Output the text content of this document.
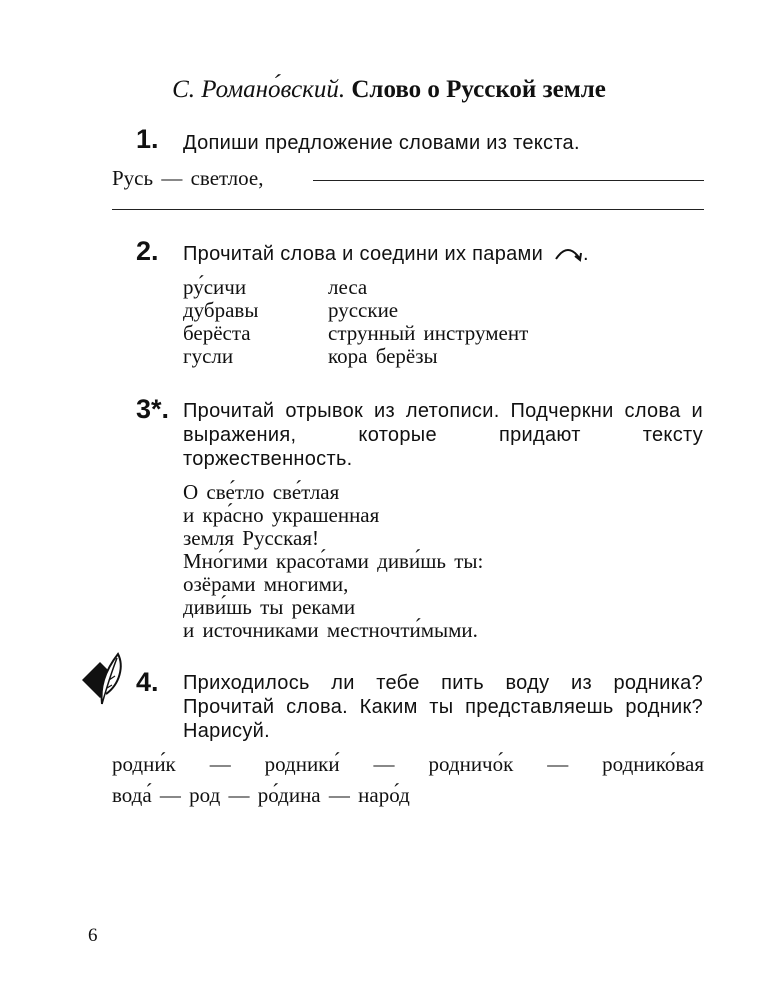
С. Романо́вский. Слово о Русской земле
1. Допиши предложение словами из текста.
Русь — светлое,
2. Прочитай слова и соедини их парами .
ру́сичи	леса
дубравы	русские
берёста	струнный инструмент
гусли	кора берёзы
3*. Прочитай отрывок из летописи. Подчеркни слова и выражения, которые придают тексту торжественность.
О све́тло све́тлая
и кра́сно украшенная
земля Русская!
Мно́гими красо́тами диви́шь ты:
озёрами многими,
диви́шь ты реками
и источниками местночти́мыми.
4. Приходилось ли тебе пить воду из родника? Прочитай слова. Каким ты представляешь родник? Нарисуй.
родни́к — родники́ — родничо́к — роднико́вая
вода́ — род — ро́дина — наро́д
6
